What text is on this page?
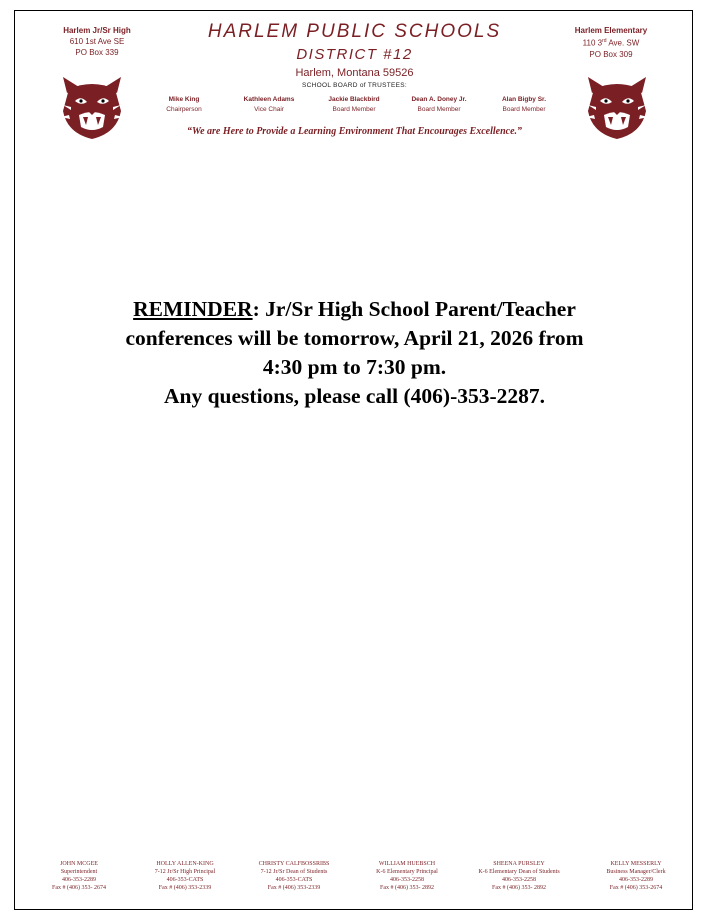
Harlem Jr/Sr High
610 1st Ave SE
PO Box 339
Harlem Elementary
110 3rd Ave. SW
PO Box 309
HARLEM PUBLIC SCHOOLS
DISTRICT #12
Harlem, Montana 59526
SCHOOL BOARD of TRUSTEES:
Mike King
Chairperson
Kathleen Adams
Vice Chair
Jackie Blackbird
Board Member
Dean A. Doney Jr.
Board Member
Alan Bigby Sr.
Board Member
“We are Here to Provide a Learning Environment That Encourages Excellence.”
REMINDER: Jr/Sr High School Parent/Teacher
conferences will be tomorrow, April 21, 2026 from
4:30 pm to 7:30 pm.
Any questions, please call (406)-353-2287.
JOHN MCGEE
Superintendent
406-353-2289
Fax # (406) 353- 2674
HOLLY ALLEN-KING
7-12 Jr/Sr High Principal
406-353-CATS
Fax # (406) 353-2339
CHRISTY CALFBOSSRIBS
7-12 Jr/Sr Dean of Students
406-353-CATS
Fax # (406) 353-2339
WILLIAM HUEBSCH
K-6 Elementary Principal
406-353-2258
Fax # (406) 353- 2892
SHEENA PURSLEY
K-6 Elementary Dean of Students
406-353-2258
Fax # (406) 353- 2892
KELLY MESSERLY
Business Manager/Clerk
406-353-2289
Fax # (406) 353-2674
